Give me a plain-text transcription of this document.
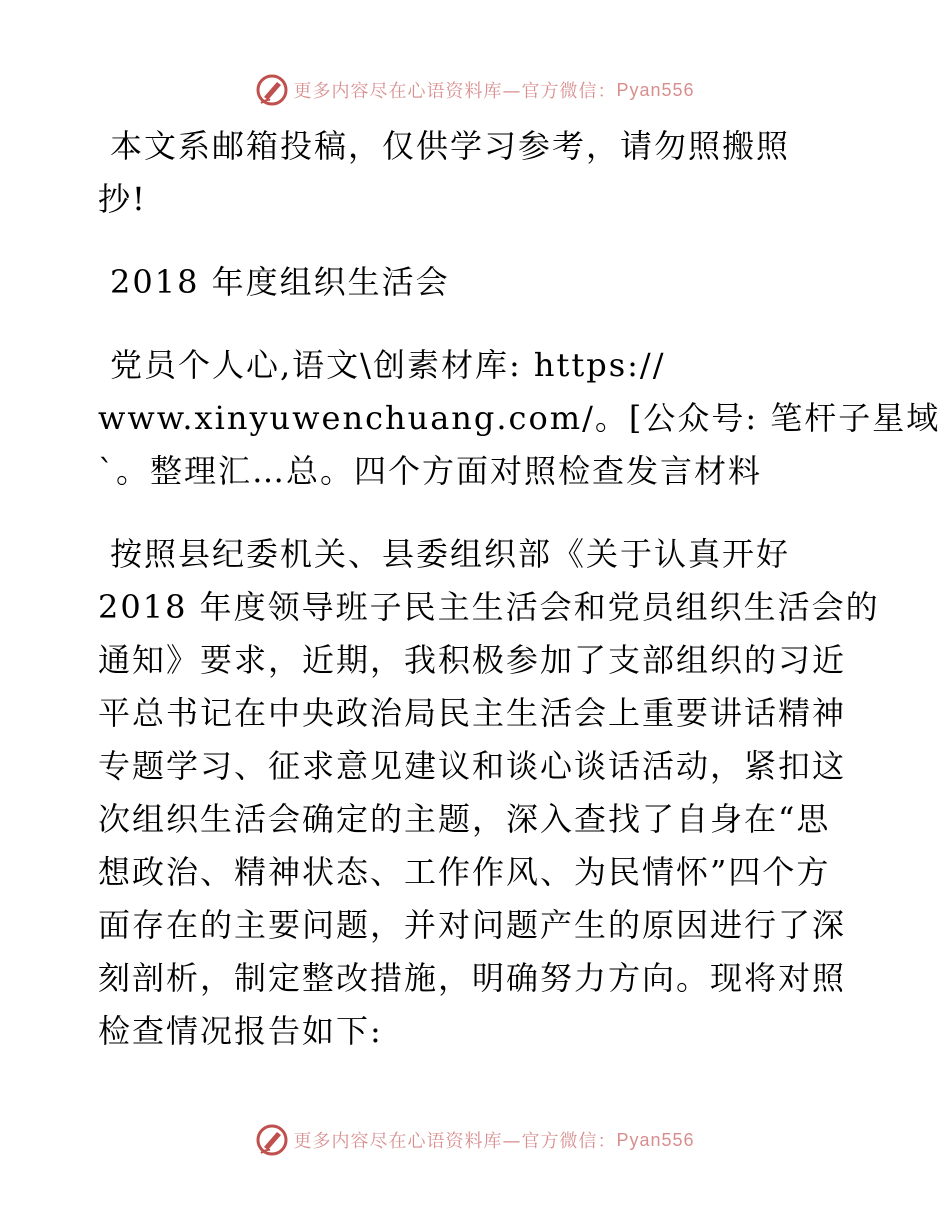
更多内容尽在心语资料库—官方微信： Pyan556

本文系邮箱投稿，仅供学习参考，请勿照搬照
抄!

2018 年度组织生活会

党员个人心,语文\创素材库: https://
www.xinyuwenchuang.com/。[公众号: 笔杆子星域
`。整理汇…总。四个方面对照检查发言材料

按照县纪委机关、县委组织部《关于认真开好
2018 年度领导班子民主生活会和党员组织生活会的
通知》要求，近期，我积极参加了支部组织的习近
平总书记在中央政治局民主生活会上重要讲话精神
专题学习、征求意见建议和谈心谈话活动，紧扣这
次组织生活会确定的主题，深入查找了自身在“思
想政治、精神状态、工作作风、为民情怀”四个方
面存在的主要问题，并对问题产生的原因进行了深
刻剖析，制定整改措施，明确努力方向。现将对照
检查情况报告如下:

更多内容尽在心语资料库—官方微信： Pyan556
